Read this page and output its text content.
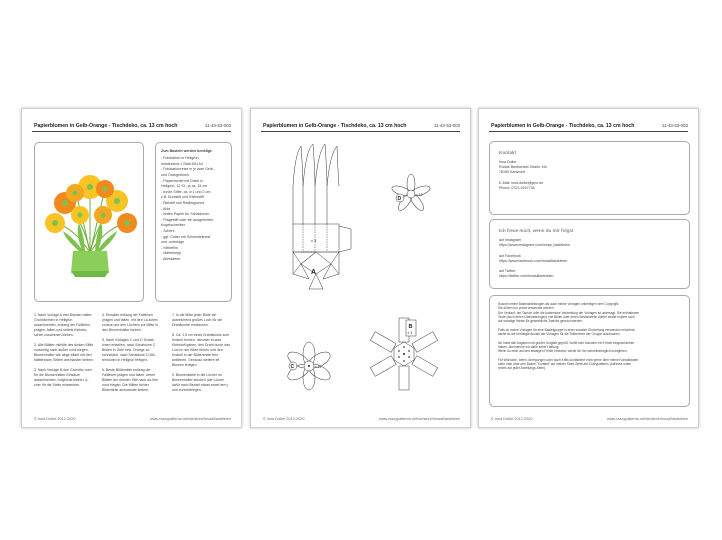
Papierblumen in Gelb-Orange - Tischdeko, ca. 13 cm hoch	11-43-53-003
Zum Basteln werden benötigt:
- Fotokarton in Hellgrün,
mindestens 1 Blatt DIN A4
- Fotokartonreste in je zwei Gelb-
und Orangetönen
- Papierkordel mit Draht in
Hellgrün, 12 St., je ca. 15 cm
- runde Stifte, ca. ø 1 und 2 cm,
z.B. Buntstift und Klebestift
- Bleistift und Radiergummi
- Ahle
- festes Papier für Schablonen
- Prägestift oder ein ausgeleerter
Kugelschreiber
- Schere
- ggf. Cutter mit Schneidelineal
und -unterlage
- Klebefilm
- Malerkrepp
- Alleskleber

1. Nach Vorlage A drei Blumen-halter-Grundformen in Hellgrün ausschneiden, entlang der Faltlinien prägen, falten und mittels Klebela-schen zusammen kleben.

2. Alle Blätter mithilfe des dicken Stifts vorsichtig nach außen rund biegen. Blumenhalter wie abge-bildet mit den blätterlosen Seiten aneinander kleben.

3. Nach Vorlage B drei Grundfor-men für die Blumenhalter-Einsätze ausschneiden, möglichst kleine Lö-cher für die Stiele einstechen.

4. Einsätze entlang der Faltlinien prägen und falten, mit den La-schen voraus und den Löchern zur Mitte in den Blumenhalter kleben.

5. Nach Vorlagen C und D Schab-lonen erstellen, nach Schablone C Blüten in Gelb bzw. Orange zu-schneiden, nach Schablone D Blü-tenböden in Hellgrün fertigen.

6. Beide Blütenteile entlang der Faltlinien prägen und falten, deren Blätter am dünnen Stift nach au-ßen rund biegen. Die Mitten beider Blütenteile aneinander kleben.

7. In die Mitte jeder Blüte ein ausreichend großes Loch für die Drahtkordel einstechen.

8. Ca. 1,5 cm eines Drahtstücks zum Knäuel formen, darunter et-was Klebstoff geben, den Draht durch das Loch in der Blüte führen und den Knäuel in der Blütenmitte fest ankleben. Genauso weitere elf Blumen fertigen.

9. Blumenstiele in die Löcher im Blumenhalter stecken (die Löcher dafür nach Bedarf etwas erwei-tern) und zurechtbiegen.

© Inna Dolbe 2012-2020	www.crazypatterns.net/de/store/InnasBasteleien
Papierblumen in Gelb-Orange - Tischdeko, ca. 13 cm hoch	11-43-53-003
x 3
A
D
x 12
C	x 12
B
x 3
© Inna Dolbe 2012-2020	www.crazypatterns.net/de/store/InnasBasteleien
Papierblumen in Gelb-Orange - Tischdeko, ca. 13 cm hoch	11-43-53-003
Kontakt
Inna Dolbe
Rudolf-Breitscheid-Straße 19c
76189 Karlsruhe

E-Mail: inna.dolbe@gmx.de
Phone: 0721-9247735
Ich freue mich, wenn du mir folgst
auf Instagram
https://www.instagram.com/innas_basteleien

auf Facebook
https://www.facebook.com/InnasBasteleien

auf Twitter
https://twitter.com/InnasBasteleien
Sowohl meine Bastelanleitungen als auch meine Vorlagen unterliegen dem Copyright.
Sie dürfen nur privat verwendet werden.
Der Verkauf, der Tausch oder die kostenlose Verbreitung der Vorlagen ist untersagt. Die enthaltenen
Texte (auch deren Übersetzungen) und Bilder oder deren Bestandteile dürfen weder kopiert noch
auf sonstige Weise für gewerbliche Zwecke genutzt werden.

Falls du meine Vorlagen für eine Bastelgruppe in einer sozialen Einrichtung verwenden möchtest,
darfst du die benötigte Anzahl der Vorlagen für die Teilnehmer der Gruppe ausdrucken.

Ich habe alle Angaben mit großer Sorgfalt geprüft. Sollte sich trotzdem ein Fehler eingeschlichen
haben, übernehme ich dafür keine Haftung.
Wenn du mich auf den etwaigen Fehler hinweist, werde ich ihn schnellstmöglich korrigieren.

Für Wünsche, Ideen, Anregungen oder auch Kritik kontaktiere mich gerne über meine Kontaktdaten
oben oder über den Button "Kontakt" auf meiner Store-Seite auf Crazypatterns (Adresse unten
rechts auf jeder Anleitungs-Seite).
© Inna Dolbe 2012-2020	www.crazypatterns.net/de/store/InnasBasteleien
